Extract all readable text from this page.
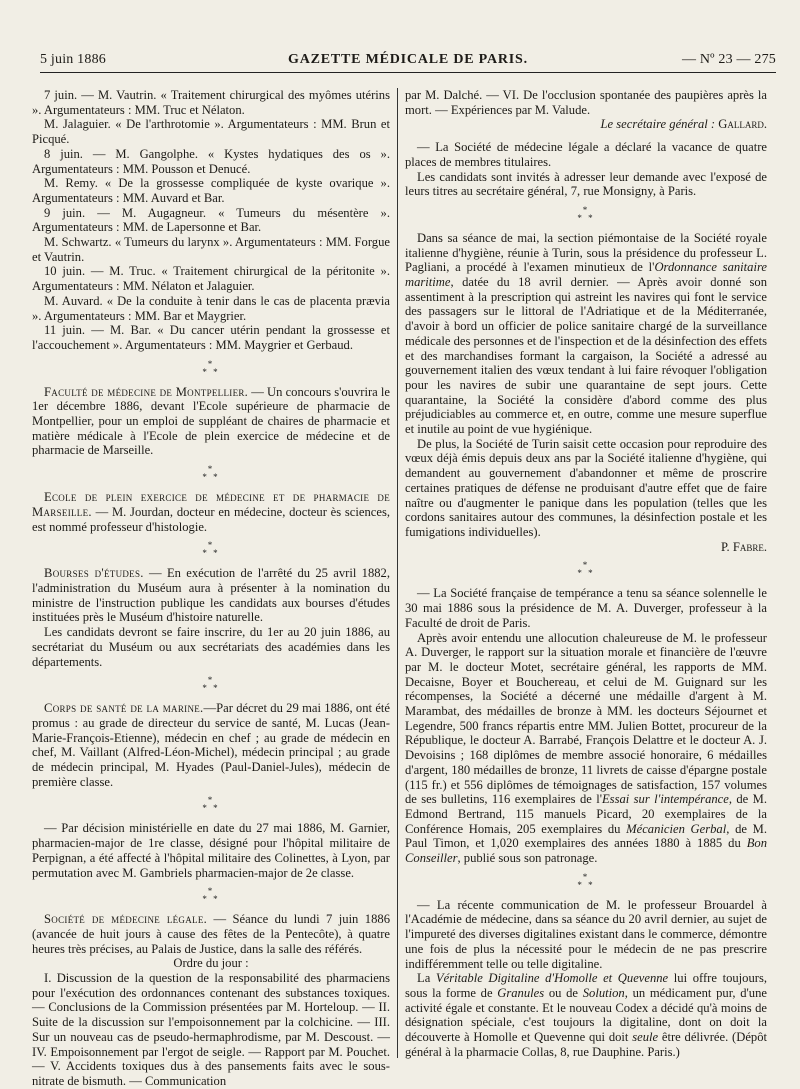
5 juin 1886	GAZETTE MÉDICALE DE PARIS.	— Nº 23 — 275

7 juin. — M. Vautrin. « Traitement chirurgical des myômes utérins ». Argumentateurs : MM. Truc et Nélaton.

M. Jalaguier. « De l'arthrotomie ». Argumentateurs : MM. Brun et Picqué.

8 juin. — M. Gangolphe. « Kystes hydatiques des os ». Argumentateurs : MM. Pousson et Denucé.

M. Remy. « De la grossesse compliquée de kyste ovarique ». Argumentateurs : MM. Auvard et Bar.

9 juin. — M. Augagneur. « Tumeurs du mésentère ». Argumentateurs : MM. de Lapersonne et Bar.

M. Schwartz. « Tumeurs du larynx ». Argumentateurs : MM. Forgue et Vautrin.

10 juin. — M. Truc. « Traitement chirurgical de la péritonite ». Argumentateurs : MM. Nélaton et Jalaguier.

M. Auvard. « De la conduite à tenir dans le cas de placenta prævia ». Argumentateurs : MM. Bar et Maygrier.

11 juin. — M. Bar. « Du cancer utérin pendant la grossesse et l'accouchement ». Argumentateurs : MM. Maygrier et Gerbaud.

*
* *

Faculté de médecine de Montpellier. — Un concours s'ouvrira le 1er décembre 1886, devant l'Ecole supérieure de pharmacie de Montpellier, pour un emploi de suppléant de chaires de pharmacie et matière médicale à l'Ecole de plein exercice de médecine et de pharmacie de Marseille.

*
* *

Ecole de plein exercice de médecine et de pharmacie de Marseille. — M. Jourdan, docteur en médecine, docteur ès sciences, est nommé professeur d'histologie.

*
* *

Bourses d'études. — En exécution de l'arrêté du 25 avril 1882, l'administration du Muséum aura à présenter à la nomination du ministre de l'instruction publique les candidats aux bourses d'études instituées près le Muséum d'histoire naturelle.

Les candidats devront se faire inscrire, du 1er au 20 juin 1886, au secrétariat du Muséum ou aux secrétariats des académies dans les départements.

*
* *

Corps de santé de la marine.—Par décret du 29 mai 1886, ont été promus : au grade de directeur du service de santé, M. Lucas (Jean-Marie-François-Etienne), médecin en chef ; au grade de médecin en chef, M. Vaillant (Alfred-Léon-Michel), médecin principal ; au grade de médecin principal, M. Hyades (Paul-Daniel-Jules), médecin de première classe.

*
* *

— Par décision ministérielle en date du 27 mai 1886, M. Garnier, pharmacien-major de 1re classe, désigné pour l'hôpital militaire de Perpignan, a été affecté à l'hôpital militaire des Colinettes, à Lyon, par permutation avec M. Gambriels pharmacien-major de 2e classe.

*
* *

Société de médecine légale. — Séance du lundi 7 juin 1886 (avancée de huit jours à cause des fêtes de la Pentecôte), à quatre heures très précises, au Palais de Justice, dans la salle des référés.

Ordre du jour :

I. Discussion de la question de la responsabilité des pharmaciens pour l'exécution des ordonnances contenant des substances toxiques. — Conclusions de la Commission présentées par M. Horteloup. — II. Suite de la discussion sur l'empoisonnement par la colchicine. — III. Sur un nouveau cas de pseudo-hermaphrodisme, par M. Descoust. — IV. Empoisonnement par l'ergot de seigle. — Rapport par M. Pouchet. — V. Accidents toxiques dus à des pansements faits avec le sous-nitrate de bismuth. — Communication

par M. Dalché. — VI. De l'occlusion spontanée des paupières après la mort. — Expériences par M. Valude.

Le secrétaire général : Gallard.

— La Société de médecine légale a déclaré la vacance de quatre places de membres titulaires.

Les candidats sont invités à adresser leur demande avec l'exposé de leurs titres au secrétaire général, 7, rue Monsigny, à Paris.

*
* *

Dans sa séance de mai, la section piémontaise de la Société royale italienne d'hygiène, réunie à Turin, sous la présidence du professeur L. Pagliani, a procédé à l'examen minutieux de l'Ordonnance sanitaire maritime, datée du 18 avril dernier. — Après avoir donné son assentiment à la prescription qui astreint les navires qui font le service des passagers sur le littoral de l'Adriatique et de la Méditerranée, d'avoir à bord un officier de police sanitaire chargé de la surveillance médicale des personnes et de l'inspection et de la désinfection des effets et des marchandises formant la cargaison, la Société a adressé au gouvernement italien des vœux tendant à lui faire révoquer l'obligation pour les navires de subir une quarantaine de sept jours. Cette quarantaine, la Société la considère d'abord comme des plus préjudiciables au commerce et, en outre, comme une mesure superflue et inutile au point de vue hygiénique.

De plus, la Société de Turin saisit cette occasion pour reproduire des vœux déjà émis depuis deux ans par la Société italienne d'hygiène, qui demandent au gouvernement d'abandonner et même de proscrire certaines pratiques de défense ne produisant d'autre effet que de faire naître ou d'augmenter le panique dans les population (telles que les cordons sanitaires autour des communes, la désinfection postale et les fumigations individuelles).

P. Fabre.

*
* *

— La Société française de tempérance a tenu sa séance solennelle le 30 mai 1886 sous la présidence de M. A. Duverger, professeur à la Faculté de droit de Paris.

Après avoir entendu une allocution chaleureuse de M. le professeur A. Duverger, le rapport sur la situation morale et financière de l'œuvre par M. le docteur Motet, secrétaire général, les rapports de MM. Decaisne, Boyer et Bouchereau, et celui de M. Guignard sur les récompenses, la Société a décerné une médaille d'argent à M. Marambat, des médailles de bronze à MM. les docteurs Séjournet et Legendre, 500 francs répartis entre MM. Julien Bottet, procureur de la République, le docteur A. Barrabé, François Delattre et le docteur A. J. Devoisins ; 168 diplômes de membre associé honoraire, 6 médailles d'argent, 180 médailles de bronze, 11 livrets de caisse d'épargne postale (115 fr.) et 556 diplômes de témoignages de satisfaction, 157 volumes de ses bulletins, 116 exemplaires de l'Essai sur l'intempérance, de M. Edmond Bertrand, 115 manuels Picard, 20 exemplaires de la Conférence Homais, 205 exemplaires du Mécanicien Gerbal, de M. Paul Timon, et 1,020 exemplaires des années 1880 à 1885 du Bon Conseiller, publié sous son patronage.

*
* *

— La récente communication de M. le professeur Brouardel à l'Académie de médecine, dans sa séance du 20 avril dernier, au sujet de l'impureté des diverses digitalines existant dans le commerce, démontre une fois de plus la nécessité pour le médecin de ne pas prescrire indifféremment telle ou telle digitaline.

La Véritable Digitaline d'Homolle et Quevenne lui offre toujours, sous la forme de Granules ou de Solution, un médicament pur, d'une activité égale et constante. Et le nouveau Codex a décidé qu'à moins de désignation spéciale, c'est toujours la digitaline, dont on doit la découverte à Homolle et Quevenne qui doit seule être délivrée. (Dépôt général à la pharmacie Collas, 8, rue Dauphine. Paris.)
